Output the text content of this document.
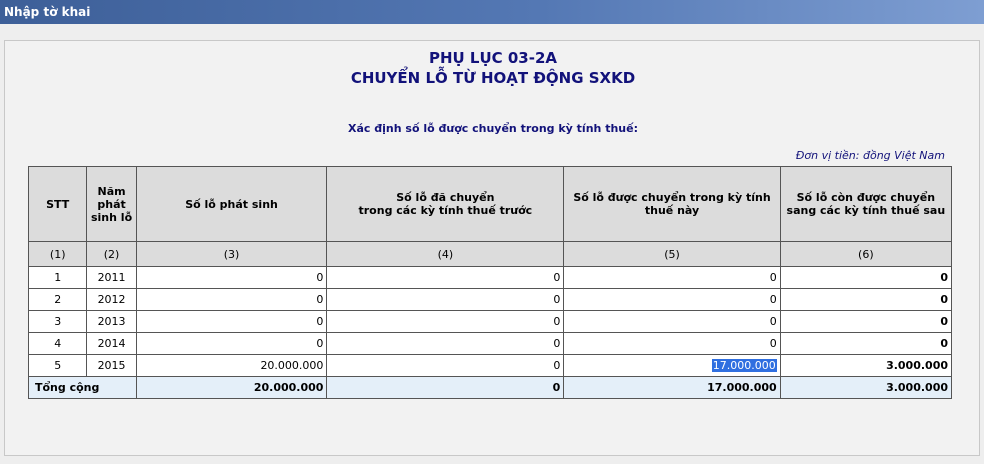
Nhập tờ khai
PHỤ LỤC 03-2A
CHUYỂN LỖ TỪ HOẠT ĐỘNG SXKD
Xác định số lỗ được chuyển trong kỳ tính thuế:
Đơn vị tiền: đồng Việt Nam
STT	Năm phát sinh lỗ	Số lỗ phát sinh	Số lỗ đã chuyển
trong các kỳ tính thuế trước	Số lỗ được chuyển trong kỳ tính thuế này	Số lỗ còn được chuyển sang các kỳ tính thuế sau
(1)	(2)	(3)	(4)	(5)	(6)
1	2011	0	0	0	0
2	2012	0	0	0	0
3	2013	0	0	0	0
4	2014	0	0	0	0
5	2015	20.000.000	0	17.000.000	3.000.000
Tổng cộng		20.000.000	0	17.000.000	3.000.000
